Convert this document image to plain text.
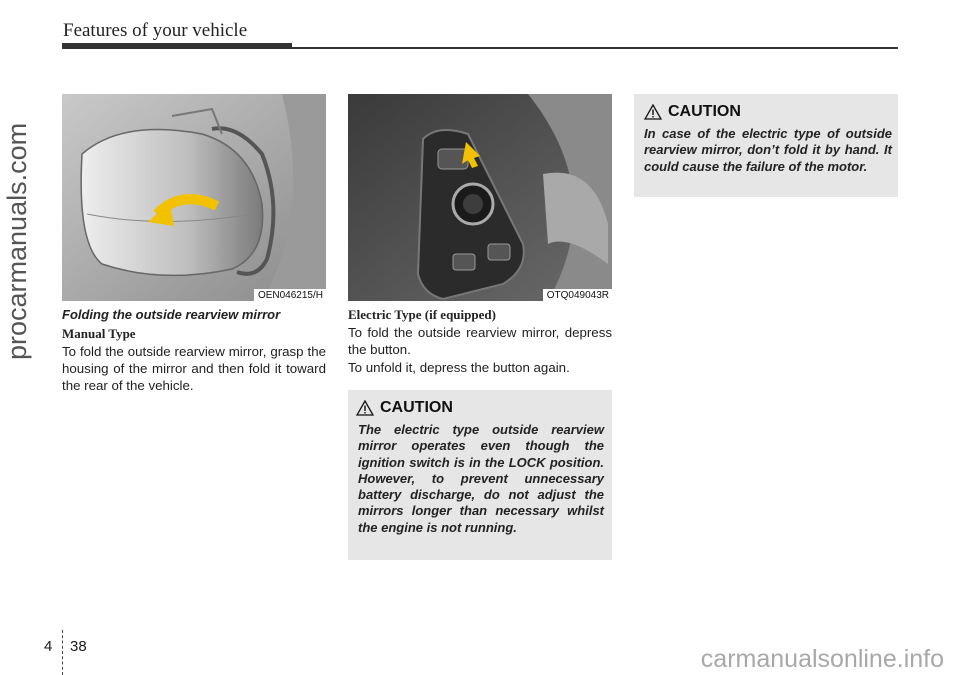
Features of your vehicle
procarmanuals.com	OEN046215/H	OTQ049043R
Folding the outside rearview mirror
Manual Type
To fold the outside rearview mirror, grasp the housing of the mirror and then fold it toward the rear of the vehicle.
Electric Type (if equipped)
To fold the outside rearview mirror, depress the button.
To unfold it, depress the button again.
CAUTION
The electric type outside rearview mirror operates even though the ignition switch is in the LOCK position. However, to prevent unnecessary battery discharge, do not adjust the mirrors longer than necessary whilst the engine is not running.
CAUTION
In case of the electric type of outside rearview mirror, don’t fold it by hand. It could cause the failure of the motor.
4 38	carmanualsonline.info
